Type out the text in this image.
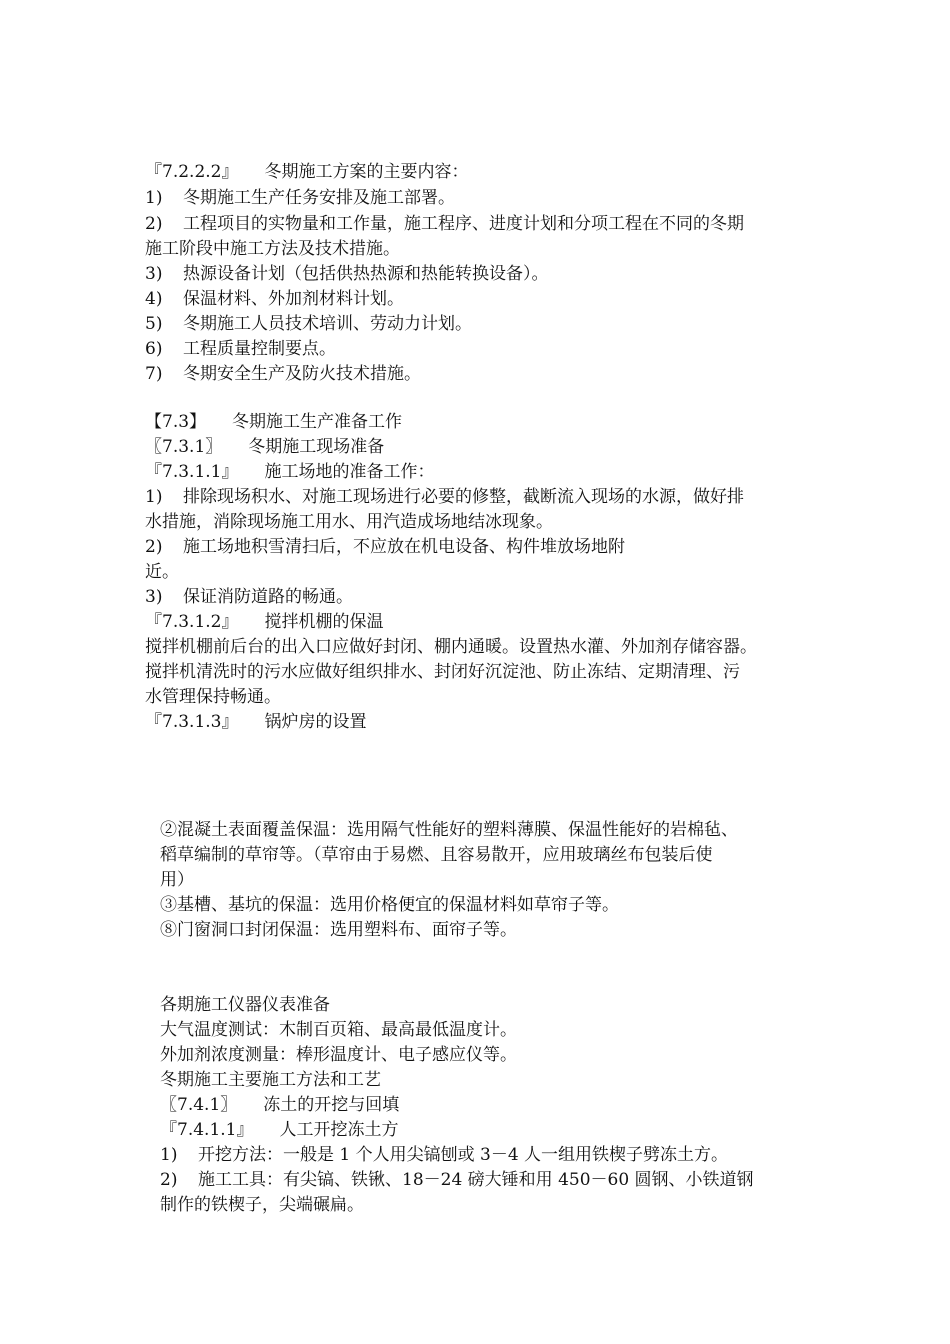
『7.2.2.2』 冬期施工方案的主要内容：
1) 冬期施工生产任务安排及施工部署。
2) 工程项目的实物量和工作量，施工程序、进度计划和分项工程在不同的冬期
施工阶段中施工方法及技术措施。
3) 热源设备计划（包括供热热源和热能转换设备）。
4) 保温材料、外加剂材料计划。
5) 冬期施工人员技术培训、劳动力计划。
6) 工程质量控制要点。
7) 冬期安全生产及防火技术措施。
【7.3】 冬期施工生产准备工作
〖7.3.1〗 冬期施工现场准备
『7.3.1.1』 施工场地的准备工作：
1) 排除现场积水、对施工现场进行必要的修整，截断流入现场的水源，做好排
水措施，消除现场施工用水、用汽造成场地结冰现象。
2) 施工场地积雪清扫后，不应放在机电设备、构件堆放场地附
近。
3) 保证消防道路的畅通。
『7.3.1.2』 搅拌机棚的保温
搅拌机棚前后台的出入口应做好封闭、棚内通暖。设置热水灌、外加剂存储容器。
搅拌机清洗时的污水应做好组织排水、封闭好沉淀池、防止冻结、定期清理、污
水管理保持畅通。
『7.3.1.3』 锅炉房的设置
②混凝土表面覆盖保温：选用隔气性能好的塑料薄膜、保温性能好的岩棉毡、
稻草编制的草帘等。（草帘由于易燃、且容易散开，应用玻璃丝布包装后使
用）
③基槽、基坑的保温：选用价格便宜的保温材料如草帘子等。
⑧门窗洞口封闭保温：选用塑料布、面帘子等。
各期施工仪器仪表准备
大气温度测试：木制百页箱、最高最低温度计。
外加剂浓度测量：棒形温度计、电子感应仪等。
冬期施工主要施工方法和工艺
〖7.4.1〗 冻土的开挖与回填
『7.4.1.1』 人工开挖冻土方
1) 开挖方法：一般是 1 个人用尖镐刨或 3－4 人一组用铁楔子劈冻土方。
2) 施工工具：有尖镐、铁锹、18－24 磅大锤和用 450－60 圆钢、小铁道钢
制作的铁楔子，尖端碾扁。
